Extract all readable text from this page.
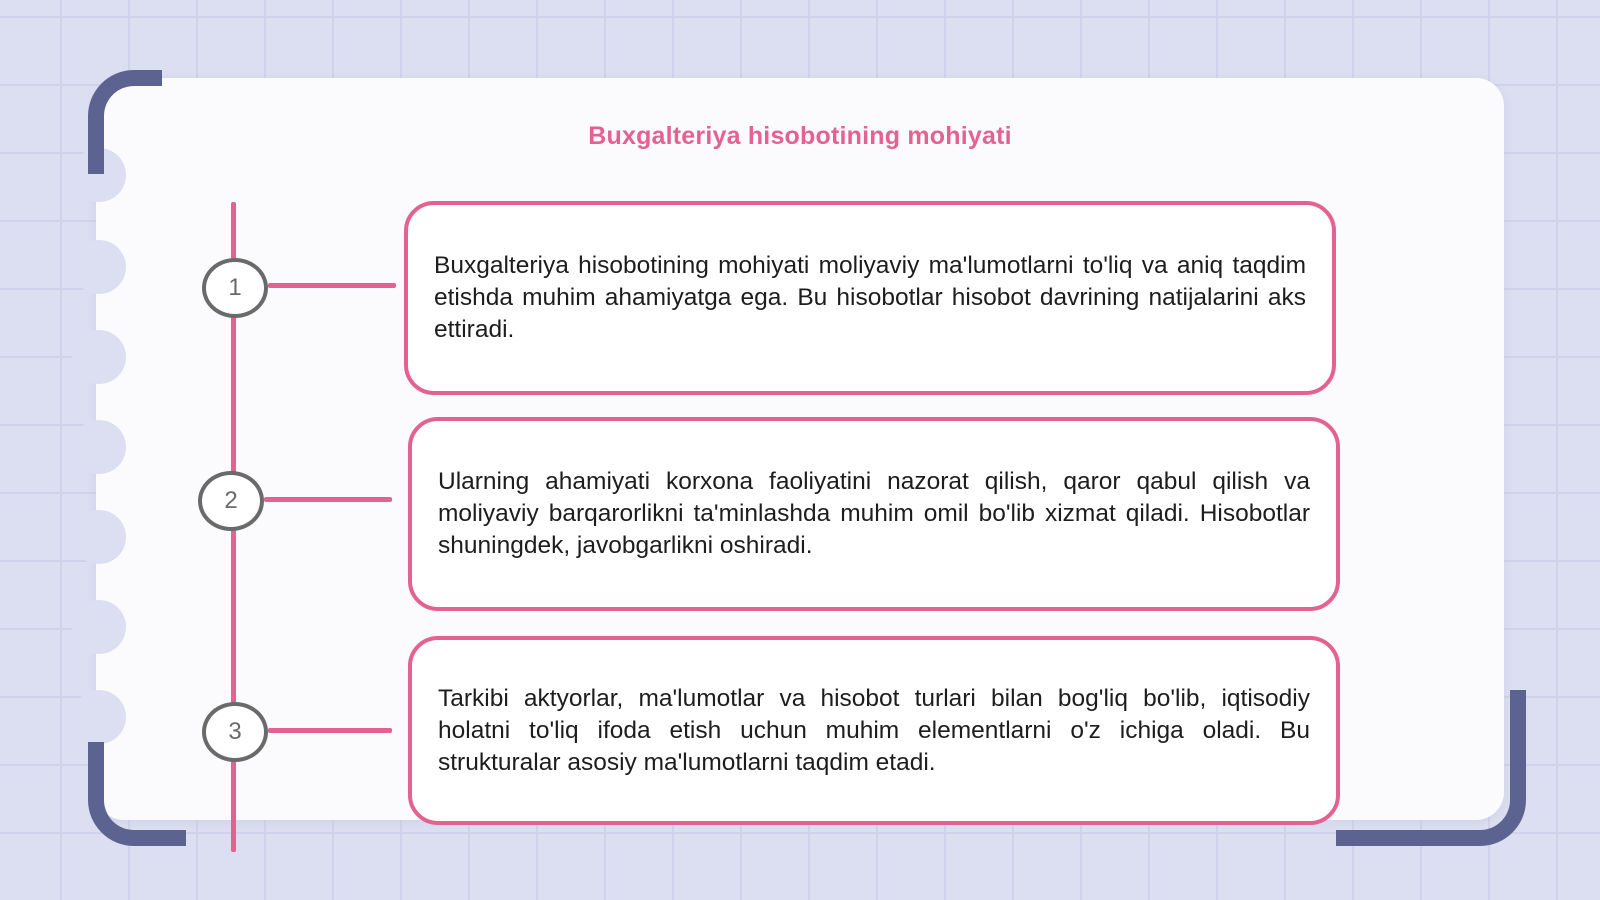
Buxgalteriya hisobotining mohiyati
1

Buxgalteriya hisobotining mohiyati moliyaviy ma'lumotlarni to'liq va aniq taqdim etishda muhim ahamiyatga ega. Bu hisobotlar hisobot davrining natijalarini aks ettiradi.

2

Ularning ahamiyati korxona faoliyatini nazorat qilish, qaror qabul qilish va moliyaviy barqarorlikni ta'minlashda muhim omil bo'lib xizmat qiladi. Hisobotlar shuningdek, javobgarlikni oshiradi.

3

Tarkibi aktyorlar, ma'lumotlar va hisobot turlari bilan bog'liq bo'lib, iqtisodiy holatni to'liq ifoda etish uchun muhim elementlarni o'z ichiga oladi. Bu strukturalar asosiy ma'lumotlarni taqdim etadi.
